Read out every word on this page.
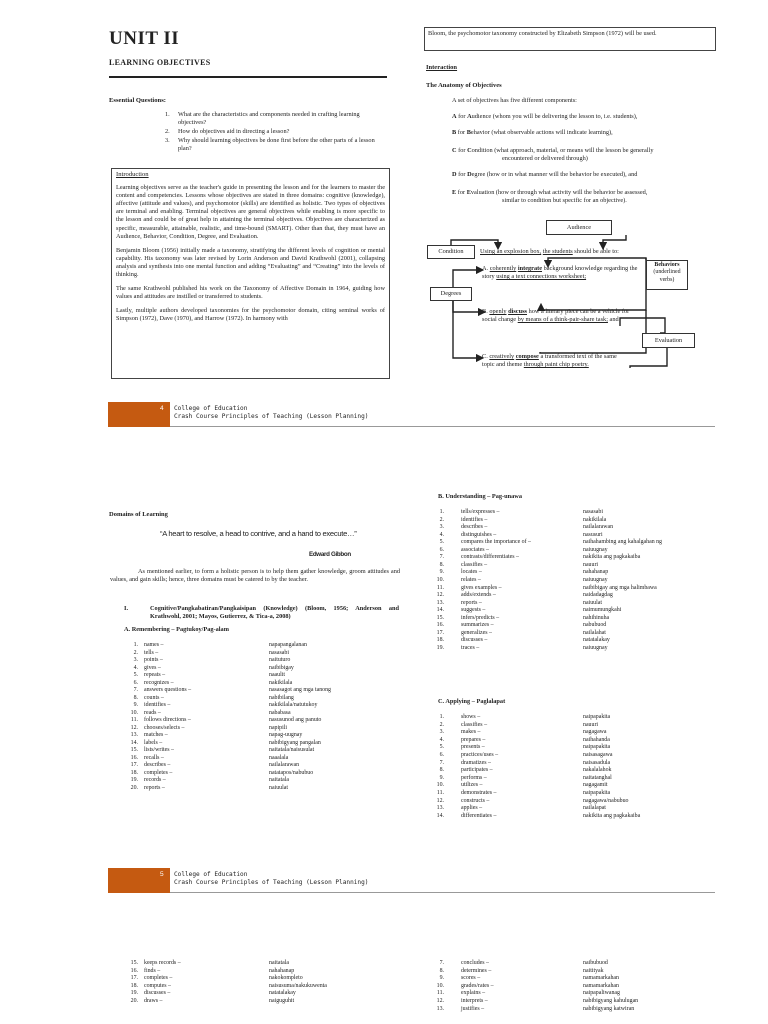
UNIT II
LEARNING OBJECTIVES
Essential Questions:
1. What are the characteristics and components needed in crafting learning objectives?
2. How do objectives aid in directing a lesson?
3. Why should learning objectives be done first before the other parts of a lesson plan?
Introduction

Learning objectives serve as the teacher's guide in presenting the lesson and for the learners to master the content and competencies. Lessons whose objectives are stated in three domains: cognitive (knowledge), affective (attitude and values), and psychomotor (skills) are identified as holistic. Two types of objectives are terminal and enabling. Terminal objectives are general objectives while enabling is more specific to the lesson and could be of great help in attaining the terminal objectives. Objectives are characterized as specific, measurable, attainable, realistic, and time-bound (SMART). Other than that, they must have an Audience, Behavior, Condition, Degree, and Evaluation.

Benjamin Bloom (1956) initially made a taxonomy, stratifying the different levels of cognition or mental capability. His taxonomy was later revised by Lorin Anderson and David Krathwohl (2001), collapsing analysis and synthesis into one mental function and adding “Evaluating” and “Creating” into the levels of thinking.

The same Krathwohl published his work on the Taxonomy of Affective Domain in 1964, guiding how values and attitudes are instilled or transferred to students.

Lastly, multiple authors developed taxonomies for the psychomotor domain, citing seminal works of Simpson (1972), Dave (1970), and Harrow (1972). In harmony with

Bloom, the psychomotor taxonomy constructed by Elizabeth Simpson (1972) will be used.
Interaction
The Anatomy of Objectives
A set of objectives has five different components:
A for Audience (whom you will be delivering the lesson to, i.e. students),
B for Behavior (what observable actions will indicate learning),
C for Condition (what approach, material, or means will the lesson be generally
encountered or delivered through)
D for Degree (how or in what manner will the behavior be executed), and
E for Evaluation (how or through what activity will the behavior be assessed,
similar to condition but specific for an objective).
Audience
Condition
Degrees
Behaviors
(underlined verbs)
Evaluation
Using an explosion box, the students should be able to:
A. coherently integrate background knowledge regarding the story using a text connections worksheet;
B. openly discuss how a literary piece can be a vehicle for social change by means of a think-pair-share task; and
C. creatively compose a transformed text of the same topic and theme through paint chip poetry.
4 College of Education
Crash Course Principles of Teaching (Lesson Planning)
Domains of Learning
“A heart to resolve, a head to contrive, and a hand to execute…”
Edward Gibbon
As mentioned earlier, to form a holistic person is to help them gather knowledge, groom attitudes and values, and gain skills; hence, three domains must be catered to by the teacher.
I.	Cognitive/Pangkabatiran/Pangkaisipan (Knowledge) (Bloom, 1956; Anderson and Krathwohl, 2001; Mayos, Gutierrez, & Tica-a, 2008)
A. Remembering – Pagtukoy/Pag-alam
1. names –	napapangalanan
2. tells –	nasasabi
3. points –	naituturo
4. gives –	naibibigay
5. repeats –	naaulit
6. recognizes –	nakikilala
7. answers questions –	nasasagot ang mga tanong
8. counts –	nabibilang
9. identifies –	nakikilala/natutukoy
10. reads –	nababasa
11. follows directions –	nasusunod ang panuto
12. chooses/selects –	napipili
13. matches –	napag-uugnay
14. labels –	nabibigyang pangalan
15. lists/writes –	naitatala/naisusulat
16. recalls –	naaalala
17. describes –	nailalarawan
18. completes –	natatapos/nabubuo
19. records –	naitatala
20. reports –	naiuulat
B. Understanding – Pag-unawa
1.	tells/expresses –	nasasabi
2.	identifies –	nakikilala
3.	describes –	nailalarawan
4.	distinguishes –	nasusuri
5.	compares the importance of –	naihahambing ang kahalgahan ng
6.	associates –	naiuugnay
7.	contrasts/differentiates –	nakikita ang pagkakaiba
8.	classifies –	nauuri
9.	locates –	nahahanap
10.	relates –	naiuugnay
11.	gives examples –	naibibigay ang mga halimbawa
12.	adds/extends –	naidadagdag
13.	reports –	naiuulat
14.	suggests –	naimumungkahi
15.	infers/predicts –	nahihinuha
16.	summarizes –	nabubuod
17.	generalizes –	nailalahat
18.	discusses –	natatalakay
19.	traces –	naiuugnay
C. Applying – Paglalapat
1.	shows –	naipapakita
2.	classifies –	nauuri
3.	makes –	nagagawa
4.	prepares –	naihahanda
5.	presents –	naipapakita
6.	practices/uses –	naisasagawa
7.	dramatizes –	naisasadula
8.	participates –	nakalalahok
9.	performs –	naitatanghal
10.	utilizes –	nagagamit
11.	demonstrates –	naipapakita
12.	constructs –	nagagawa/nabubuo
13.	applies –	nailalapat
14.	differentiates –	nakikita ang pagkakaiba
5 College of Education
Crash Course Principles of Teaching (Lesson Planning)
15. keeps records –	naitatala
16. finds –	nahahanap
17. completes –	nakokompleto
18. computes –	naisusuma/nakukuwenta
19. discusses –	natatalakay
20. draws –	naiguguhit
7.	concludes –	naibubuod
8.	determines –	naitityak
9.	scores –	namamarkahan
10.	grades/rates –	namamarkahan
11.	explains –	naipapaliwanag
12.	interprets –	nabibigyang kahulugan
13.	justifies –	nabibigyang katwiran
